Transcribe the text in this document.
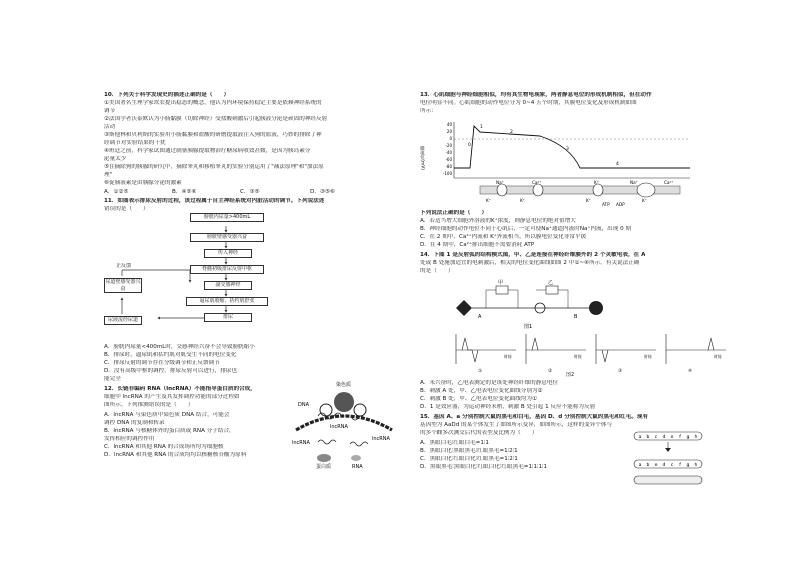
10．下列关于科学发现史的描述正确的是（　　）
①美国著名生理学家坎农提出稳态的概念，他认为内环境保持稳定主要是依赖神经系统的
调节
②法国学者沃泰默认为小肠黏膜（切除神经）受盐酸刺激后引起胰液分泌是顽固的神经反射
活动
③斯他林和贝利斯的实验用小肠黏膜和盐酸的研磨提取液注入狗的血液，巧妙的排除了神
经调节对实验结果的干扰
④班廷之前，科学家试图通过制备胰腺提取物治疗糖尿病收效甚微，是因为胰岛素分
泌量太少
⑤在摘除狗的胰腺的研究中，摘除睾丸和移植睾丸的实验分别运用了"减法原理"和"加法原
理"
⑥促胰液素是由胰腺分泌的激素
A．①②⑤	B．④⑤⑥	C．③⑤	D．③⑤⑥
11．如图表示排尿反射的过程，该过程属于自主神经系统对内脏活动的调节。下列说法述
错误的是（　　）
膀胱内尿量>400mL
膀胱壁感受器兴奋
传入神经
脊髓初级排尿反射中枢
副交感神经
逼尿肌收缩，括约肌舒张
排尿
尿道壁感受器兴奋
尿液流经尿道
正反馈
A．膀胱内尿量<400mL时，交感神经兴奋不会导致膀胱缩小
B．排尿时，逼尿肌和括约肌对肌受生不同的电位变化
C．排尿反射的调节存在分级调节和正反馈调节
D．没有高级中枢的调控，排尿反射可以进行，排尿也
能完全
12．长链非编码 RNA（lncRNA）不能指导蛋白质的合成，
细胞中 lncRNA 的产生及其发挥调控功能的部分过程如
图所示。下列推测错误的是（　　）
A．lncRNA 与染色质中染色质 DNA 结合，可能会
调控 DNA 的复制和转录
B．lncRNA 与核糖体外的蛋白质或 RNA 分子结合，
发挥相应的调控作用
C．lncRNA 和其他 RNA 的合成场所均为细胞核
D．lncRNA 和其他 RNA 的合成均均以核糖核苷酸为原料
染色质
DNA
lncRNA
lncRNA
lncRNA
蛋白质	RNA
13．心肌细胞与神经细胞相似，均有其生物电现象，两者静息电位的形成机制相似，但在动作
电位明显不同。心肌细胞的动作电位分为 0~4 五个时期，其膜电位变化及形成机制如图
所示：
膜电位(mV)
40
20
0
-20
-40
-60
-80
-100
0
1
2
3
4
Na⁺	Ca²⁺	K⁺	Na⁺	Ca²⁺
K⁺	K⁺	K⁺	K⁺
ATP ADP
下列说法正确的是（　　）
A．若适当增大细胞外溶液的K⁺浓度，则静息电位的绝对值增大
B．神经细胞的动作电位不同于心肌后，一定可使Na⁺通道内流时Na⁺内流，出现 0 期
C．在 2 期中，Ca²⁺内流和 K⁺外流相当，所以膜电位变化非常平缓
D．在 4 期中，Ca²⁺排出细胞不需要消耗 ATP
14．下图 1 是反射弧的结构模式图，甲、乙是连接在神经纤维膜外的 2 个灵敏电表，在 A
处或 B 处施加适宜的电刺激后，相关的电位变化曲线如图 2 中①~④所示。有关说法正确
的是（　　）
A
甲	乙
B
图1
①	②	③	④
时间	时间	时间	时间
图2
A．未兴奋时，乙电表测定的是该处神经纤维的静息电位
B．刺激 A 处，甲、乙电表电位变化曲线分别为②
C．刺激 B 处，甲、乙电表电位变化曲线均为①
D．1 是效应器，为运动神经末梢，刺激 B 处引起 1 反应不能称为反射
15．基因 A、a 分别控制大鼠的黑毛和白毛，基因 D、d 分别控制大鼠的黑毛和红毛。现有
基因型为 AaDd 的某个体发生了如图所示变异，如图所示，这样的变异个体与
的多个雌多次测交后代的表型及比例为（　　）
A．黑眼白毛∶红眼白毛=1∶1
B．黑眼白化∶黑眼黑毛∶红眼黑毛=1∶2∶1
C．黑眼白化∶红眼白化∶红眼黑毛=1∶2∶1
D．黑眼黑毛∶黑眼白化∶红眼白化∶红眼黑毛=1∶1∶1∶1
a b c d e f g h
a b e d c f g h
